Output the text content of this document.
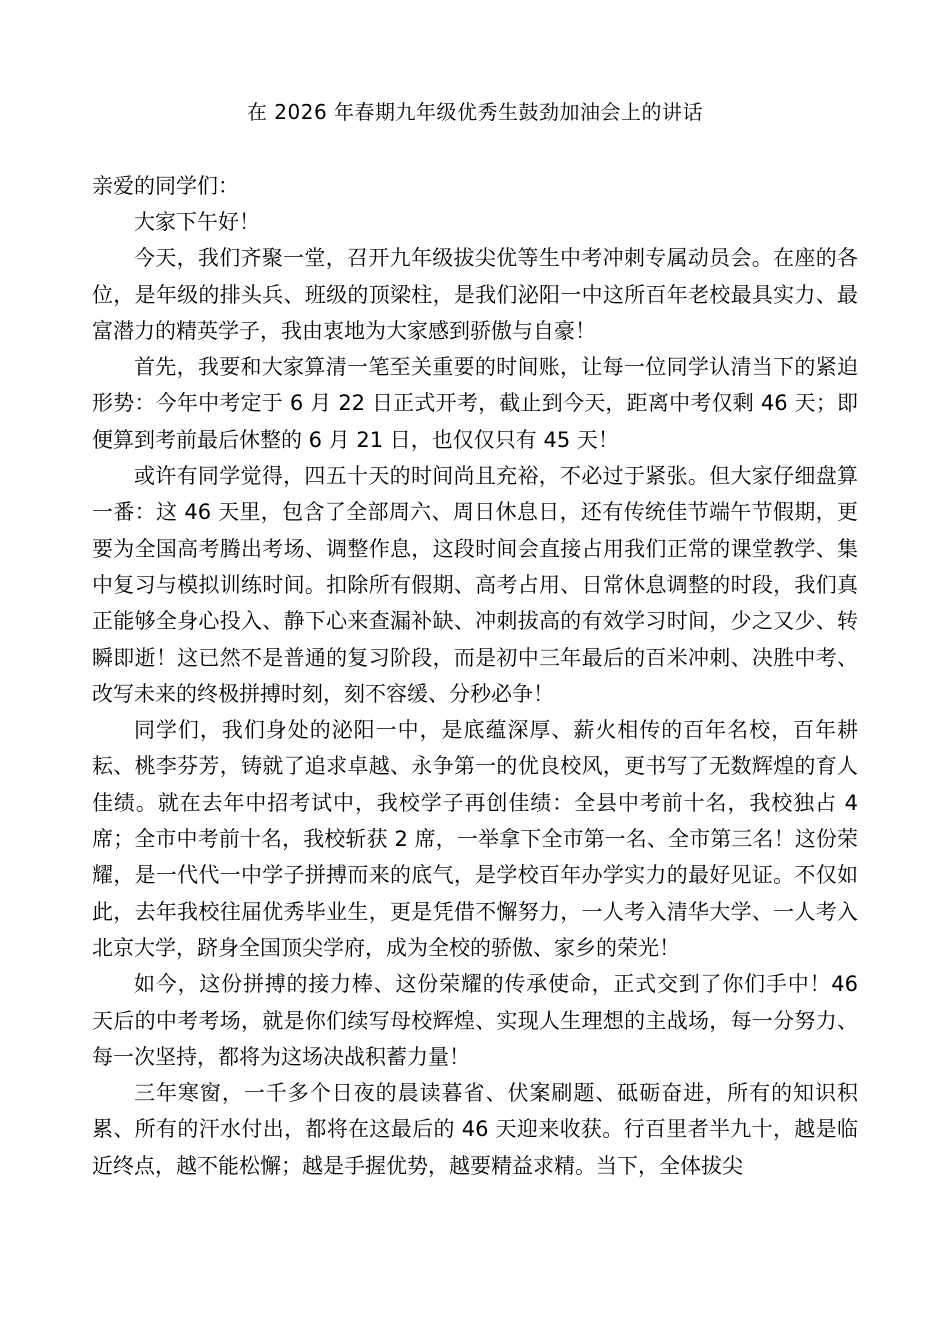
在 2026 年春期九年级优秀生鼓劲加油会上的讲话

亲爱的同学们：

大家下午好！

今天，我们齐聚一堂，召开九年级拔尖优等生中考冲刺专属动员会。在座的各位，是年级的排头兵、班级的顶梁柱，是我们泌阳一中这所百年老校最具实力、最富潜力的精英学子，我由衷地为大家感到骄傲与自豪！

首先，我要和大家算清一笔至关重要的时间账，让每一位同学认清当下的紧迫形势：今年中考定于 6 月 22 日正式开考，截止到今天，距离中考仅剩 46 天；即便算到考前最后休整的 6 月 21 日，也仅仅只有 45 天！

或许有同学觉得，四五十天的时间尚且充裕，不必过于紧张。但大家仔细盘算一番：这 46 天里，包含了全部周六、周日休息日，还有传统佳节端午节假期，更要为全国高考腾出考场、调整作息，这段时间会直接占用我们正常的课堂教学、集中复习与模拟训练时间。扣除所有假期、高考占用、日常休息调整的时段，我们真正能够全身心投入、静下心来查漏补缺、冲刺拔高的有效学习时间，少之又少、转瞬即逝！这已然不是普通的复习阶段，而是初中三年最后的百米冲刺、决胜中考、改写未来的终极拼搏时刻，刻不容缓、分秒必争！

同学们，我们身处的泌阳一中，是底蕴深厚、薪火相传的百年名校，百年耕耘、桃李芬芳，铸就了追求卓越、永争第一的优良校风，更书写了无数辉煌的育人佳绩。就在去年中招考试中，我校学子再创佳绩：全县中考前十名，我校独占 4 席；全市中考前十名，我校斩获 2 席，一举拿下全市第一名、全市第三名！这份荣耀，是一代代一中学子拼搏而来的底气，是学校百年办学实力的最好见证。不仅如此，去年我校往届优秀毕业生，更是凭借不懈努力，一人考入清华大学、一人考入北京大学，跻身全国顶尖学府，成为全校的骄傲、家乡的荣光！

如今，这份拼搏的接力棒、这份荣耀的传承使命，正式交到了你们手中！46 天后的中考考场，就是你们续写母校辉煌、实现人生理想的主战场，每一分努力、每一次坚持，都将为这场决战积蓄力量！

三年寒窗，一千多个日夜的晨读暮省、伏案刷题、砥砺奋进，所有的知识积累、所有的汗水付出，都将在这最后的 46 天迎来收获。行百里者半九十，越是临近终点，越不能松懈；越是手握优势，越要精益求精。当下，全体拔尖
